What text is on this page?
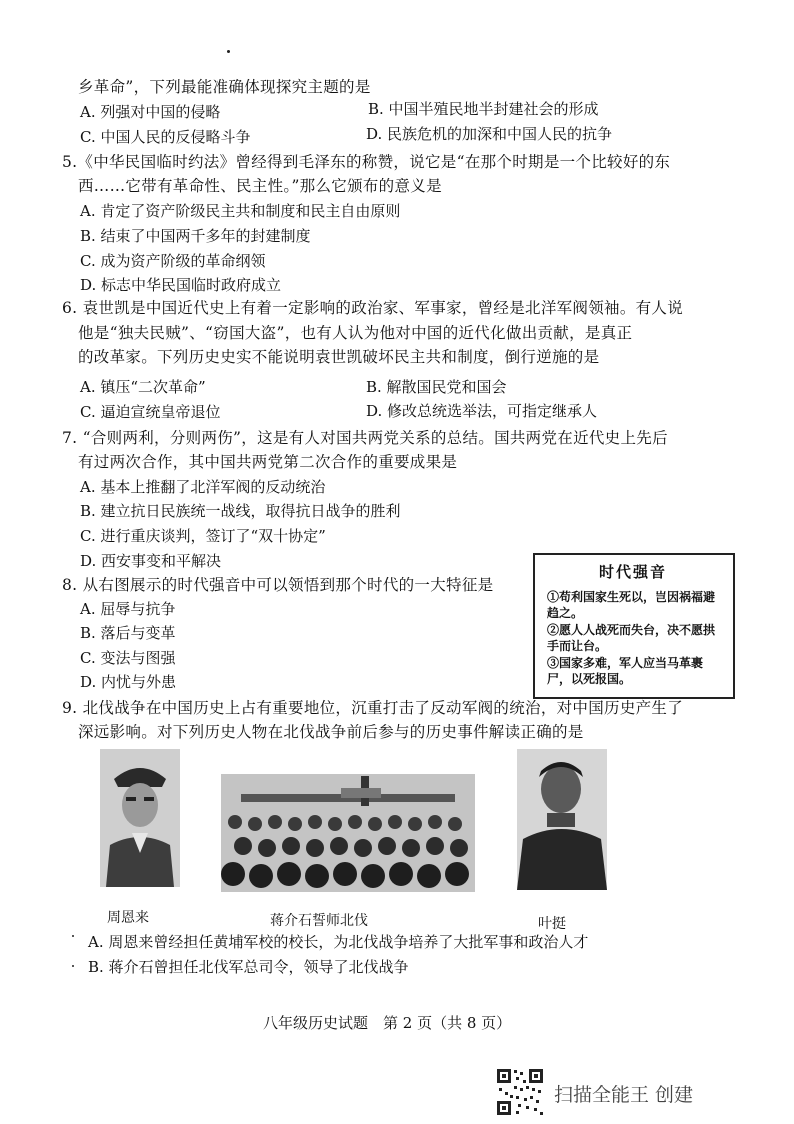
乡革命”，下列最能准确体现探究主题的是
A. 列强对中国的侵略	B. 中国半殖民地半封建社会的形成
C. 中国人民的反侵略斗争	D. 民族危机的加深和中国人民的抗争
5.《中华民国临时约法》曾经得到毛泽东的称赞，说它是“在那个时期是一个比较好的东
西……它带有革命性、民主性。”那么它颁布的意义是
A. 肯定了资产阶级民主共和制度和民主自由原则
B. 结束了中国两千多年的封建制度
C. 成为资产阶级的革命纲领
D. 标志中华民国临时政府成立
6. 袁世凯是中国近代史上有着一定影响的政治家、军事家，曾经是北洋军阀领袖。有人说
他是“独夫民贼”、“窃国大盗”，也有人认为他对中国的近代化做出贡献，是真正
的改革家。下列历史史实不能说明袁世凯破坏民主共和制度，倒行逆施的是
A. 镇压“二次革命”	B. 解散国民党和国会
C. 逼迫宣统皇帝退位	D. 修改总统选举法，可指定继承人
7. “合则两利，分则两伤”，这是有人对国共两党关系的总结。国共两党在近代史上先后
有过两次合作，其中国共两党第二次合作的重要成果是
A. 基本上推翻了北洋军阀的反动统治
B. 建立抗日民族统一战线，取得抗日战争的胜利
C. 进行重庆谈判，签订了“双十协定”
D. 西安事变和平解决
8. 从右图展示的时代强音中可以领悟到那个时代的一大特征是
A. 屈辱与抗争
B. 落后与变革
C. 变法与图强
D. 内忧与外患
时代强音
①苟利国家生死以，岂因祸福避趋之。
②愿人人战死而失台，决不愿拱手而让台。
③国家多难，军人应当马革裹尸，以死报国。
9. 北伐战争在中国历史上占有重要地位，沉重打击了反动军阀的统治，对中国历史产生了
深远影响。对下列历史人物在北伐战争前后参与的历史事件解读正确的是
周恩来	蒋介石誓师北伐	叶挺
A. 周恩来曾经担任黄埔军校的校长，为北伐战争培养了大批军事和政治人才
B. 蒋介石曾担任北伐军总司令，领导了北伐战争
八年级历史试题　第 2 页（共 8 页）
扫描全能王 创建
